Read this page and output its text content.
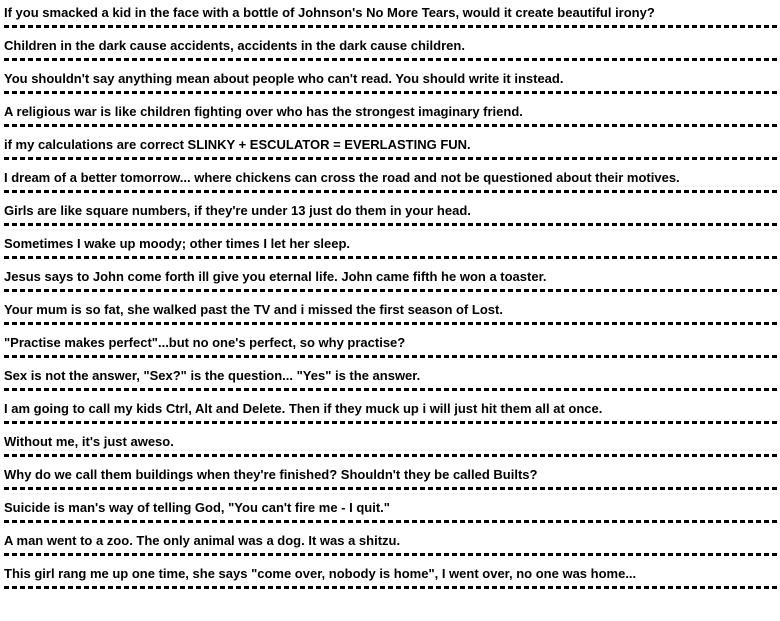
If you smacked a kid in the face with a bottle of Johnson's No More Tears, would it create beautiful irony?

Children in the dark cause accidents, accidents in the dark cause children.

You shouldn't say anything mean about people who can't read. You should write it instead.

A religious war is like children fighting over who has the strongest imaginary friend.

if my calculations are correct SLINKY + ESCULATOR = EVERLASTING FUN.

I dream of a better tomorrow... where chickens can cross the road and not be questioned about their motives.

Girls are like square numbers, if they're under 13 just do them in your head.

Sometimes I wake up moody; other times I let her sleep.

Jesus says to John come forth ill give you eternal life. John came fifth he won a toaster.

Your mum is so fat, she walked past the TV and i missed the first season of Lost.

"Practise makes perfect"...but no one's perfect, so why practise?

Sex is not the answer, "Sex?" is the question... "Yes" is the answer.

I am going to call my kids Ctrl, Alt and Delete. Then if they muck up i will just hit them all at once.

Without me, it's just aweso.

Why do we call them buildings when they're finished? Shouldn't they be called Builts?

Suicide is man's way of telling God, "You can't fire me - I quit."

A man went to a zoo. The only animal was a dog. It was a shitzu.

This girl rang me up one time, she says "come over, nobody is home", I went over, no one was home...
